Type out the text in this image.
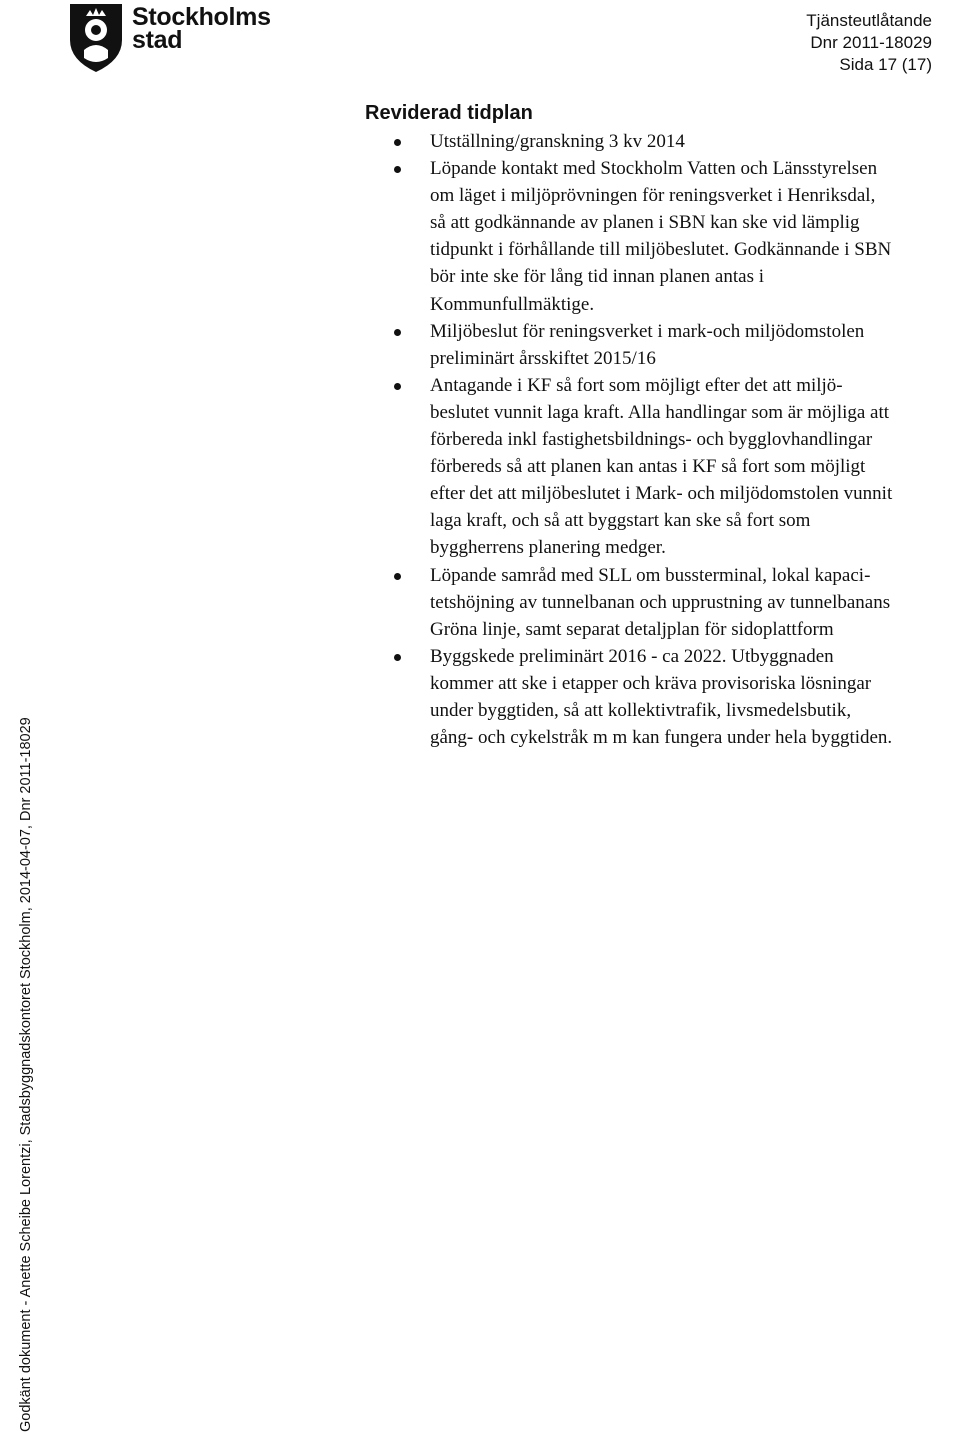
Stockholms
stad
Tjänsteutlåtande
Dnr 2011-18029
Sida 17 (17)
Reviderad tidplan
Utställning/granskning 3 kv 2014
Löpande kontakt med Stockholm Vatten och Länsstyrelsen
om läget i miljöprövningen för reningsverket i Henriksdal,
så att godkännande av planen i SBN kan ske vid lämplig
tidpunkt i förhållande till miljöbeslutet. Godkännande i SBN
bör inte ske för lång tid innan planen antas i
Kommunfullmäktige.
Miljöbeslut för reningsverket i mark-och miljödomstolen
preliminärt årsskiftet 2015/16
Antagande i KF så fort som möjligt efter det att miljö-
beslutet vunnit laga kraft. Alla handlingar som är möjliga att
förbereda inkl fastighetsbildnings- och bygglovhandlingar
förbereds så att planen kan antas i KF så fort som möjligt
efter det att miljöbeslutet i Mark- och miljödomstolen vunnit
laga kraft, och så att byggstart kan ske så fort som
byggherrens planering medger.
Löpande samråd med SLL om bussterminal, lokal kapaci-
tetshöjning av tunnelbanan och upprustning av tunnelbanans
Gröna linje, samt separat detaljplan för sidoplattform
Byggskede preliminärt 2016 - ca 2022. Utbyggnaden
kommer att ske i etapper och kräva provisoriska lösningar
under byggtiden, så att kollektivtrafik, livsmedelsbutik,
gång- och cykelstråk m m kan fungera under hela byggtiden.
Godkänt dokument - Anette Scheibe Lorentzi, Stadsbyggnadskontoret Stockholm, 2014-04-07, Dnr 2011-18029
